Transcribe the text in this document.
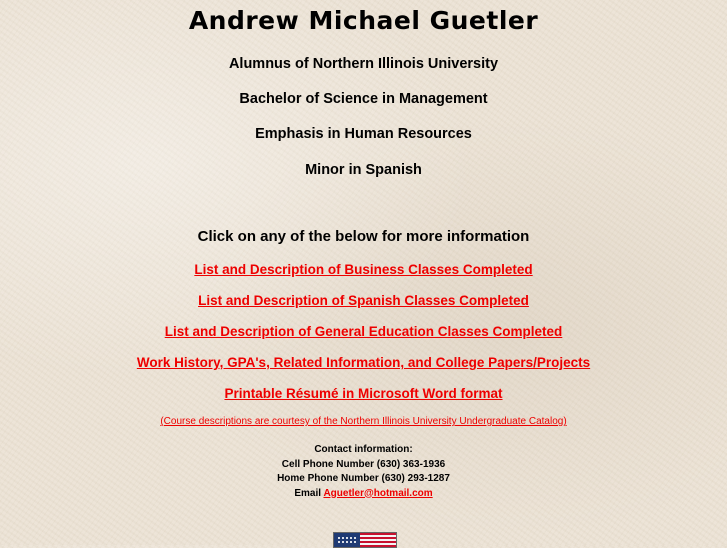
Andrew Michael Guetler
Alumnus of Northern Illinois University
Bachelor of Science in Management
Emphasis in Human Resources
Minor in Spanish
Click on any of the below for more information
List and Description of Business Classes Completed
List and Description of Spanish Classes Completed
List and Description of General Education Classes Completed
Work History, GPA's, Related Information, and College Papers/Projects
Printable Résumé in Microsoft Word format
(Course descriptions are courtesy of the Northern Illinois University Undergraduate Catalog)
Contact information:
Cell Phone Number (630) 363-1936
Home Phone Number (630) 293-1287
Email Aguetler@hotmail.com
